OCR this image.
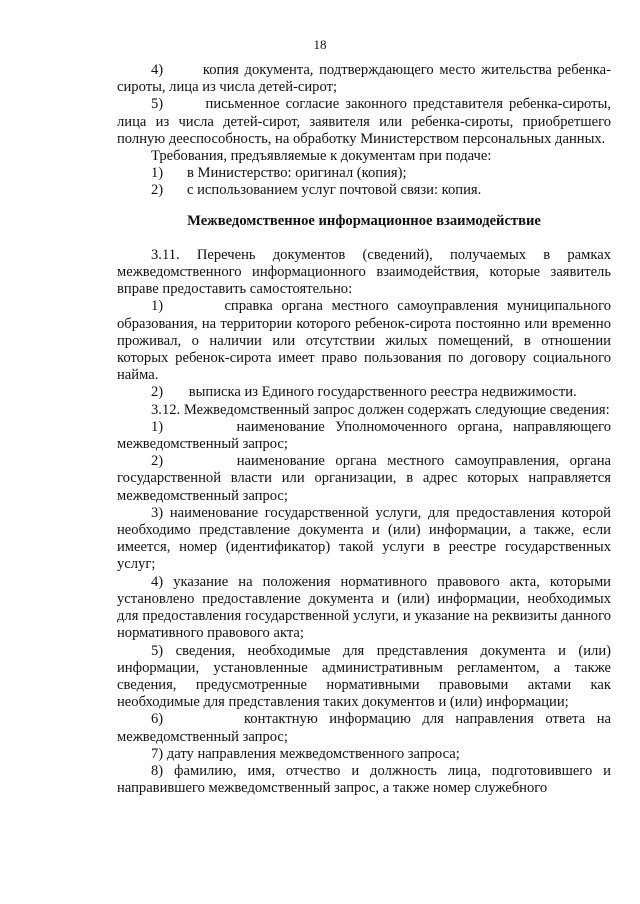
18

4)       копия документа, подтверждающего место жительства ребенка-сироты, лица из числа детей-сирот;

5)       письменное согласие законного представителя ребенка-сироты, лица из числа детей-сирот, заявителя или ребенка-сироты, приобретшего полную дееспособность, на обработку Министерством персональных данных.

Требования, предъявляемые к документам при подаче:

1)	в Министерство: оригинал (копия);

2)	с использованием услуг почтовой связи: копия.

Межведомственное информационное взаимодействие

3.11. Перечень документов (сведений), получаемых в рамках межведомственного информационного взаимодействия, которые заявитель вправе предоставить самостоятельно:

1)       справка органа местного самоуправления муниципального образования, на территории которого ребенок-сирота постоянно или временно проживал, о наличии или отсутствии жилых помещений, в отношении которых ребенок-сирота имеет право пользования по договору социального найма.

2)       выписка из Единого государственного реестра недвижимости.

3.12. Межведомственный запрос должен содержать следующие сведения:

1)       наименование Уполномоченного органа, направляющего межведомственный запрос;

2)       наименование органа местного самоуправления, органа государственной власти или организации, в адрес которых направляется межведомственный запрос;

3) наименование государственной услуги, для предоставления которой необходимо представление документа и (или) информации, а также, если имеется, номер (идентификатор) такой услуги в реестре государственных услуг;

4) указание на положения нормативного правового акта, которыми установлено предоставление документа и (или) информации, необходимых для предоставления государственной услуги, и указание на реквизиты данного нормативного правового акта;

5) сведения, необходимые для представления документа и (или) информации, установленные административным регламентом, а также сведения, предусмотренные нормативными правовыми актами как необходимые для представления таких документов и (или) информации;

6)       контактную информацию для направления ответа на межведомственный запрос;

7) дату направления межведомственного запроса;

8) фамилию, имя, отчество и должность лица, подготовившего и направившего межведомственный запрос, а также номер служебного
